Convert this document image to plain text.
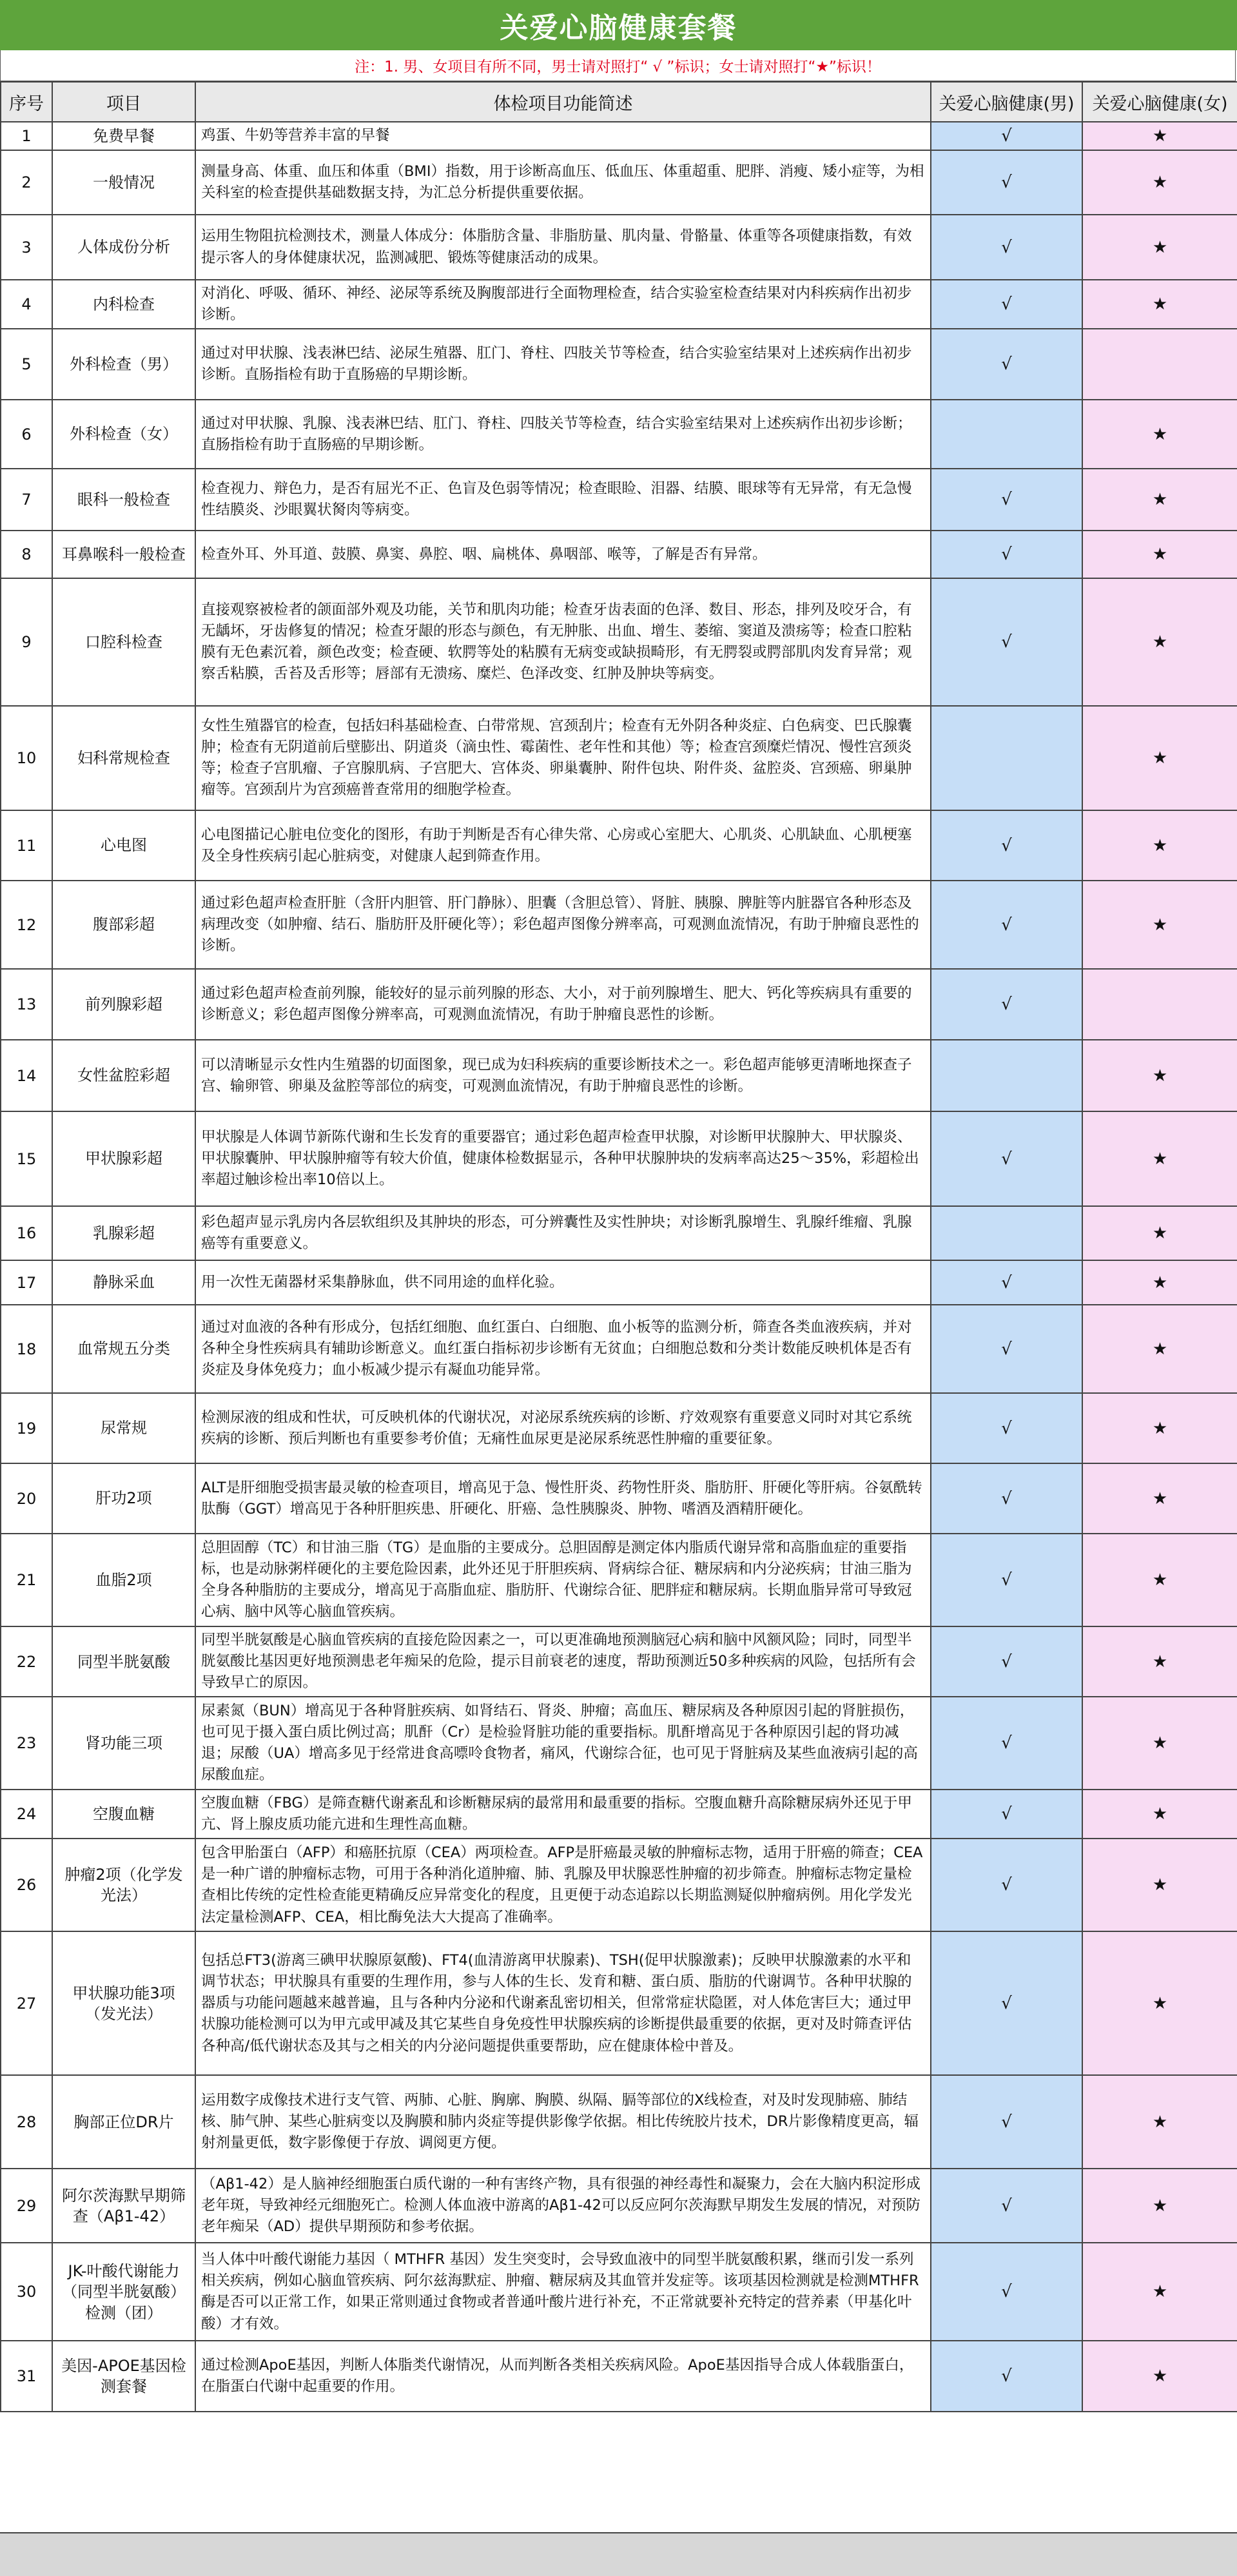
关爱心脑健康套餐
注：1. 男、女项目有所不同，男士请对照打“ √ ”标识；女士请对照打“★”标识！
序号	项目	体检项目功能简述	关爱心脑健康(男)	关爱心脑健康(女)
1	免费早餐	鸡蛋、牛奶等营养丰富的早餐	√	★
2	一般情况	测量身高、体重、血压和体重（BMI）指数，用于诊断高血压、低血压、体重超重、肥胖、消瘦、矮小症等，为相关科室的检查提供基础数据支持，为汇总分析提供重要依据。	√	★
3	人体成份分析	运用生物阻抗检测技术，测量人体成分：体脂肪含量、非脂肪量、肌肉量、骨骼量、体重等各项健康指数，有效提示客人的身体健康状况，监测减肥、锻炼等健康活动的成果。	√	★
4	内科检查	对消化、呼吸、循环、神经、泌尿等系统及胸腹部进行全面物理检查，结合实验室检查结果对内科疾病作出初步诊断。	√	★
5	外科检查（男）	通过对甲状腺、浅表淋巴结、泌尿生殖器、肛门、脊柱、四肢关节等检查，结合实验室结果对上述疾病作出初步诊断。直肠指检有助于直肠癌的早期诊断。	√	
6	外科检查（女）	通过对甲状腺、乳腺、浅表淋巴结、肛门、脊柱、四肢关节等检查，结合实验室结果对上述疾病作出初步诊断；直肠指检有助于直肠癌的早期诊断。		★
7	眼科一般检查	检查视力、辩色力，是否有屈光不正、色盲及色弱等情况；检查眼睑、泪器、结膜、眼球等有无异常，有无急慢性结膜炎、沙眼翼状胬肉等病变。	√	★
8	耳鼻喉科一般检查	检查外耳、外耳道、鼓膜、鼻窦、鼻腔、咽、扁桃体、鼻咽部、喉等，了解是否有异常。	√	★
9	口腔科检查	直接观察被检者的颌面部外观及功能，关节和肌肉功能；检查牙齿表面的色泽、数目、形态，排列及咬牙合，有无龋坏，牙齿修复的情况；检查牙龈的形态与颜色，有无肿胀、出血、增生、萎缩、窦道及溃疡等；检查口腔粘膜有无色素沉着，颜色改变；检查硬、软腭等处的粘膜有无病变或缺损畸形，有无腭裂或腭部肌肉发育异常；观察舌粘膜，舌苔及舌形等；唇部有无溃疡、糜烂、色泽改变、红肿及肿块等病变。	√	★
10	妇科常规检查	女性生殖器官的检查，包括妇科基础检查、白带常规、宫颈刮片；检查有无外阴各种炎症、白色病变、巴氏腺囊肿；检查有无阴道前后壁膨出、阴道炎（滴虫性、霉菌性、老年性和其他）等；检查宫颈糜烂情况、慢性宫颈炎等；检查子宫肌瘤、子宫腺肌病、子宫肥大、宫体炎、卵巢囊肿、附件包块、附件炎、盆腔炎、宫颈癌、卵巢肿瘤等。宫颈刮片为宫颈癌普查常用的细胞学检查。		★
11	心电图	心电图描记心脏电位变化的图形，有助于判断是否有心律失常、心房或心室肥大、心肌炎、心肌缺血、心肌梗塞及全身性疾病引起心脏病变，对健康人起到筛查作用。	√	★
12	腹部彩超	通过彩色超声检查肝脏（含肝内胆管、肝门静脉）、胆囊（含胆总管）、肾脏、胰腺、脾脏等内脏器官各种形态及病理改变（如肿瘤、结石、脂肪肝及肝硬化等）；彩色超声图像分辨率高，可观测血流情况，有助于肿瘤良恶性的诊断。	√	★
13	前列腺彩超	通过彩色超声检查前列腺，能较好的显示前列腺的形态、大小，对于前列腺增生、肥大、钙化等疾病具有重要的诊断意义；彩色超声图像分辨率高，可观测血流情况，有助于肿瘤良恶性的诊断。	√	
14	女性盆腔彩超	可以清晰显示女性内生殖器的切面图象，现已成为妇科疾病的重要诊断技术之一。彩色超声能够更清晰地探查子宫、输卵管、卵巢及盆腔等部位的病变，可观测血流情况，有助于肿瘤良恶性的诊断。		★
15	甲状腺彩超	甲状腺是人体调节新陈代谢和生长发育的重要器官；通过彩色超声检查甲状腺，对诊断甲状腺肿大、甲状腺炎、甲状腺囊肿、甲状腺肿瘤等有较大价值，健康体检数据显示，各种甲状腺肿块的发病率高达25～35%，彩超检出率超过触诊检出率10倍以上。	√	★
16	乳腺彩超	彩色超声显示乳房内各层软组织及其肿块的形态，可分辨囊性及实性肿块；对诊断乳腺增生、乳腺纤维瘤、乳腺癌等有重要意义。		★
17	静脉采血	用一次性无菌器材采集静脉血，供不同用途的血样化验。	√	★
18	血常规五分类	通过对血液的各种有形成分，包括红细胞、血红蛋白、白细胞、血小板等的监测分析，筛查各类血液疾病，并对各种全身性疾病具有辅助诊断意义。血红蛋白指标初步诊断有无贫血；白细胞总数和分类计数能反映机体是否有炎症及身体免疫力；血小板减少提示有凝血功能异常。	√	★
19	尿常规	检测尿液的组成和性状，可反映机体的代谢状况，对泌尿系统疾病的诊断、疗效观察有重要意义同时对其它系统疾病的诊断、预后判断也有重要参考价值；无痛性血尿更是泌尿系统恶性肿瘤的重要征象。	√	★
20	肝功2项	ALT是肝细胞受损害最灵敏的检查项目，增高见于急、慢性肝炎、药物性肝炎、脂肪肝、肝硬化等肝病。谷氨酰转肽酶（GGT）增高见于各种肝胆疾患、肝硬化、肝癌、急性胰腺炎、肿物、嗜酒及酒精肝硬化。	√	★
21	血脂2项	总胆固醇（TC）和甘油三脂（TG）是血脂的主要成分。总胆固醇是测定体内脂质代谢异常和高脂血症的重要指标，也是动脉粥样硬化的主要危险因素，此外还见于肝胆疾病、肾病综合征、糖尿病和内分泌疾病；甘油三脂为全身各种脂肪的主要成分，增高见于高脂血症、脂肪肝、代谢综合征、肥胖症和糖尿病。长期血脂异常可导致冠心病、脑中风等心脑血管疾病。	√	★
22	同型半胱氨酸	同型半胱氨酸是心脑血管疾病的直接危险因素之一，可以更准确地预测脑冠心病和脑中风额风险；同时，同型半胱氨酸比基因更好地预测患老年痴呆的危险，提示目前衰老的速度，帮助预测近50多种疾病的风险，包括所有会导致早亡的原因。	√	★
23	肾功能三项	尿素氮（BUN）增高见于各种肾脏疾病、如肾结石、肾炎、肿瘤；高血压、糖尿病及各种原因引起的肾脏损伤，也可见于摄入蛋白质比例过高；肌酐（Cr）是检验肾脏功能的重要指标。肌酐增高见于各种原因引起的肾功减退；尿酸（UA）增高多见于经常进食高嘌呤食物者，痛风，代谢综合征，也可见于肾脏病及某些血液病引起的高尿酸血症。	√	★
24	空腹血糖	空腹血糖（FBG）是筛查糖代谢紊乱和诊断糖尿病的最常用和最重要的指标。空腹血糖升高除糖尿病外还见于甲亢、肾上腺皮质功能亢进和生理性高血糖。	√	★
26	肿瘤2项（化学发光法）	包含甲胎蛋白（AFP）和癌胚抗原（CEA）两项检查。AFP是肝癌最灵敏的肿瘤标志物，适用于肝癌的筛查；CEA是一种广谱的肿瘤标志物，可用于各种消化道肿瘤、肺、乳腺及甲状腺恶性肿瘤的初步筛查。肿瘤标志物定量检查相比传统的定性检查能更精确反应异常变化的程度，且更便于动态追踪以长期监测疑似肿瘤病例。用化学发光法定量检测AFP、CEA，相比酶免法大大提高了准确率。	√	★
27	甲状腺功能3项（发光法）	包括总FT3(游离三碘甲状腺原氨酸)、FT4(血清游离甲状腺素)、TSH(促甲状腺激素)；反映甲状腺激素的水平和调节状态；甲状腺具有重要的生理作用，参与人体的生长、发育和糖、蛋白质、脂肪的代谢调节。各种甲状腺的器质与功能问题越来越普遍，且与各种内分泌和代谢紊乱密切相关，但常常症状隐匿，对人体危害巨大；通过甲状腺功能检测可以为甲亢或甲减及其它某些自身免疫性甲状腺疾病的诊断提供最重要的依据，更对及时筛查评估各种高/低代谢状态及其与之相关的内分泌问题提供重要帮助，应在健康体检中普及。	√	★
28	胸部正位DR片	运用数字成像技术进行支气管、两肺、心脏、胸廓、胸膜、纵隔、膈等部位的X线检查，对及时发现肺癌、肺结核、肺气肿、某些心脏病变以及胸膜和肺内炎症等提供影像学依据。相比传统胶片技术，DR片影像精度更高，辐射剂量更低，数字影像便于存放、调阅更方便。	√	★
29	阿尔茨海默早期筛查（Aβ1-42）	（Aβ1-42）是人脑神经细胞蛋白质代谢的一种有害终产物，具有很强的神经毒性和凝聚力，会在大脑内积淀形成老年斑，导致神经元细胞死亡。检测人体血液中游离的Aβ1-42可以反应阿尔茨海默早期发生发展的情况，对预防老年痴呆（AD）提供早期预防和参考依据。	√	★
30	JK-叶酸代谢能力（同型半胱氨酸）检测（团）	当人体中叶酸代谢能力基因（ MTHFR 基因）发生突变时，会导致血液中的同型半胱氨酸积累，继而引发一系列相关疾病，例如心脑血管疾病、阿尔兹海默症、肿瘤、糖尿病及其血管并发症等。该项基因检测就是检测MTHFR酶是否可以正常工作，如果正常则通过食物或者普通叶酸片进行补充，不正常就要补充特定的营养素（甲基化叶酸）才有效。	√	★
31	美因-APOE基因检测套餐	通过检测ApoE基因，判断人体脂类代谢情况，从而判断各类相关疾病风险。ApoE基因指导合成人体载脂蛋白，在脂蛋白代谢中起重要的作用。	√	★
